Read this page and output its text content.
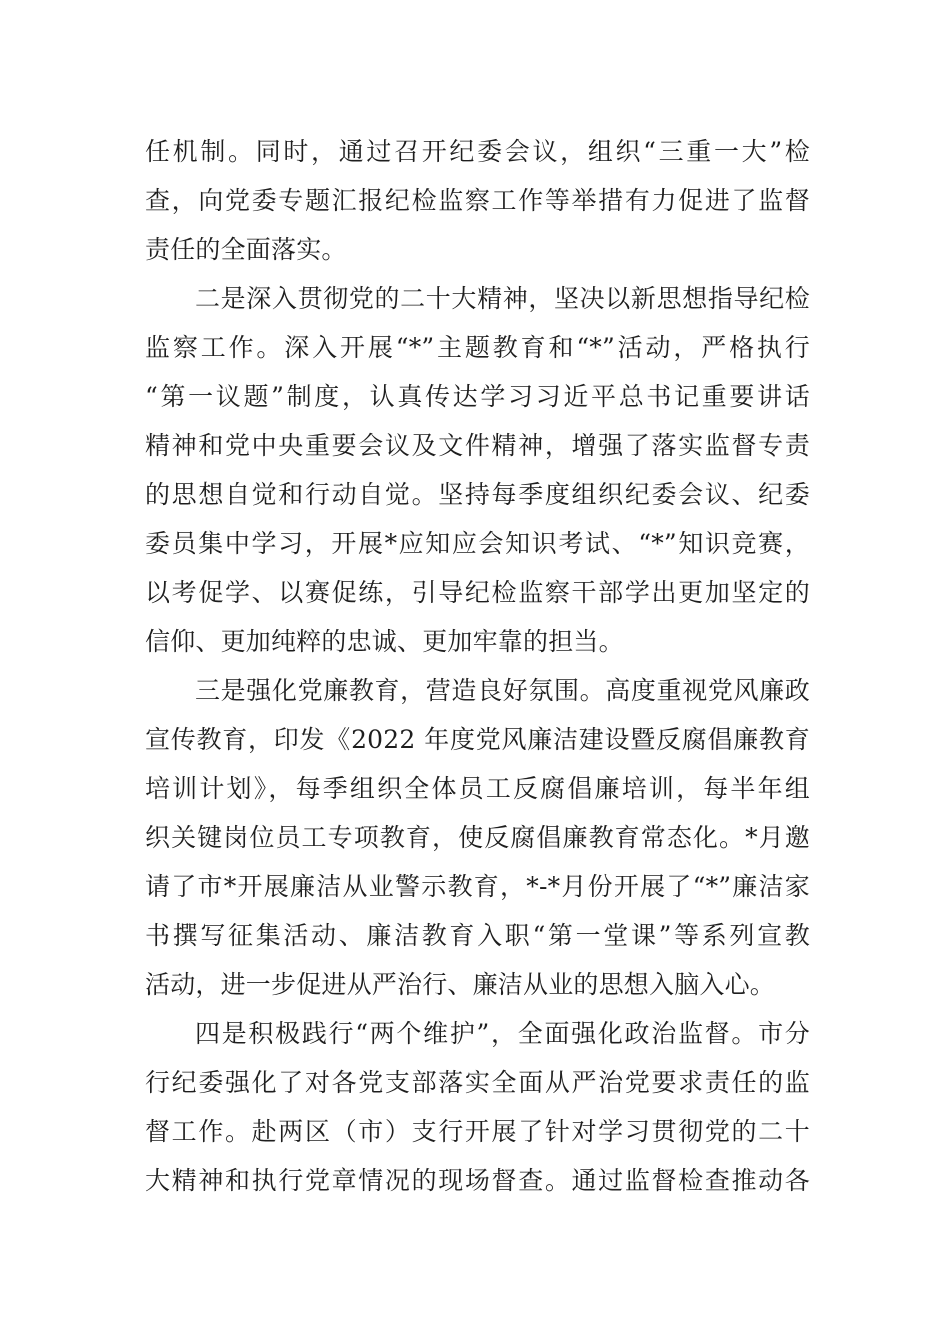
任机制。同时，通过召开纪委会议，组织“三重一大”检
查，向党委专题汇报纪检监察工作等举措有力促进了监督
责任的全面落实。
二是深入贯彻党的二十大精神，坚决以新思想指导纪检
监察工作。深入开展“*”主题教育和“*”活动，严格执行
“第一议题”制度，认真传达学习习近平总书记重要讲话
精神和党中央重要会议及文件精神，增强了落实监督专责
的思想自觉和行动自觉。坚持每季度组织纪委会议、纪委
委员集中学习，开展*应知应会知识考试、“*”知识竞赛，
以考促学、以赛促练，引导纪检监察干部学出更加坚定的
信仰、更加纯粹的忠诚、更加牢靠的担当。
三是强化党廉教育，营造良好氛围。高度重视党风廉政
宣传教育，印发《2022 年度党风廉洁建设暨反腐倡廉教育
培训计划》，每季组织全体员工反腐倡廉培训，每半年组
织关键岗位员工专项教育，使反腐倡廉教育常态化。*月邀
请了市*开展廉洁从业警示教育，*-*月份开展了“*”廉洁家
书撰写征集活动、廉洁教育入职“第一堂课”等系列宣教
活动，进一步促进从严治行、廉洁从业的思想入脑入心。
四是积极践行“两个维护”，全面强化政治监督。市分
行纪委强化了对各党支部落实全面从严治党要求责任的监
督工作。赴两区（市）支行开展了针对学习贯彻党的二十
大精神和执行党章情况的现场督查。通过监督检查推动各
